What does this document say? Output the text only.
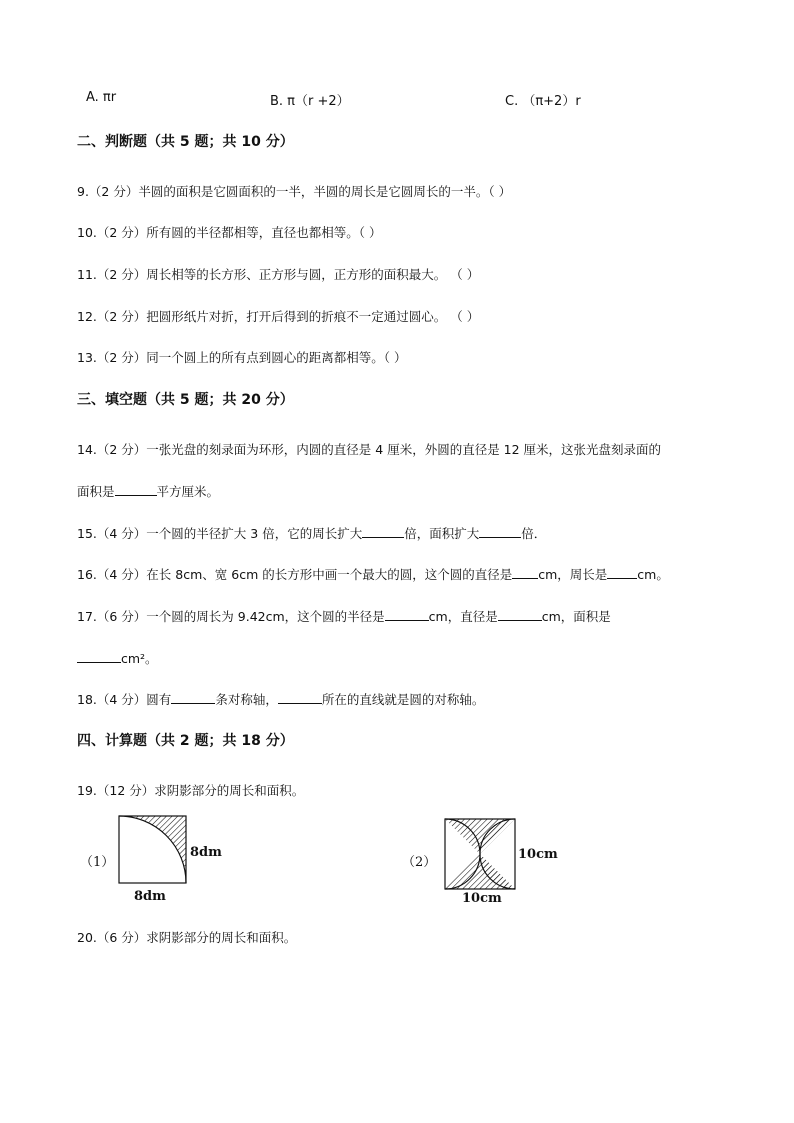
A. πr	B. π（r +2）	C. （π+2）r
二、判断题（共 5 题；共 10 分）
9.（2 分）半圆的面积是它圆面积的一半，半圆的周长是它圆周长的一半。（ ）
10.（2 分）所有圆的半径都相等，直径也都相等。（ ）
11.（2 分）周长相等的长方形、正方形与圆，正方形的面积最大。 （ ）
12.（2 分）把圆形纸片对折，打开后得到的折痕不一定通过圆心。 （ ）
13.（2 分）同一个圆上的所有点到圆心的距离都相等。（ ）
三、填空题（共 5 题；共 20 分）
14.（2 分）一张光盘的刻录面为环形，内圆的直径是 4 厘米，外圆的直径是 12 厘米，这张光盘刻录面的
面积是	平方厘米。
15.（4 分）一个圆的半径扩大 3 倍，它的周长扩大	倍，面积扩大	倍．
16.（4 分）在长 8cm、宽 6cm 的长方形中画一个最大的圆，这个圆的直径是 cm，周长是 cm。
17.（6 分）一个圆的周长为 9.42cm，这个圆的半径是	cm，直径是	cm，面积是
cm²。
18.（4 分）圆有	条对称轴，	所在的直线就是圆的对称轴。
四、计算题（共 2 题；共 18 分）
19.（12 分）求阴影部分的周长和面积。
（1）
8dm
8dm
（2）
10cm
10cm
20.（6 分）求阴影部分的周长和面积。
